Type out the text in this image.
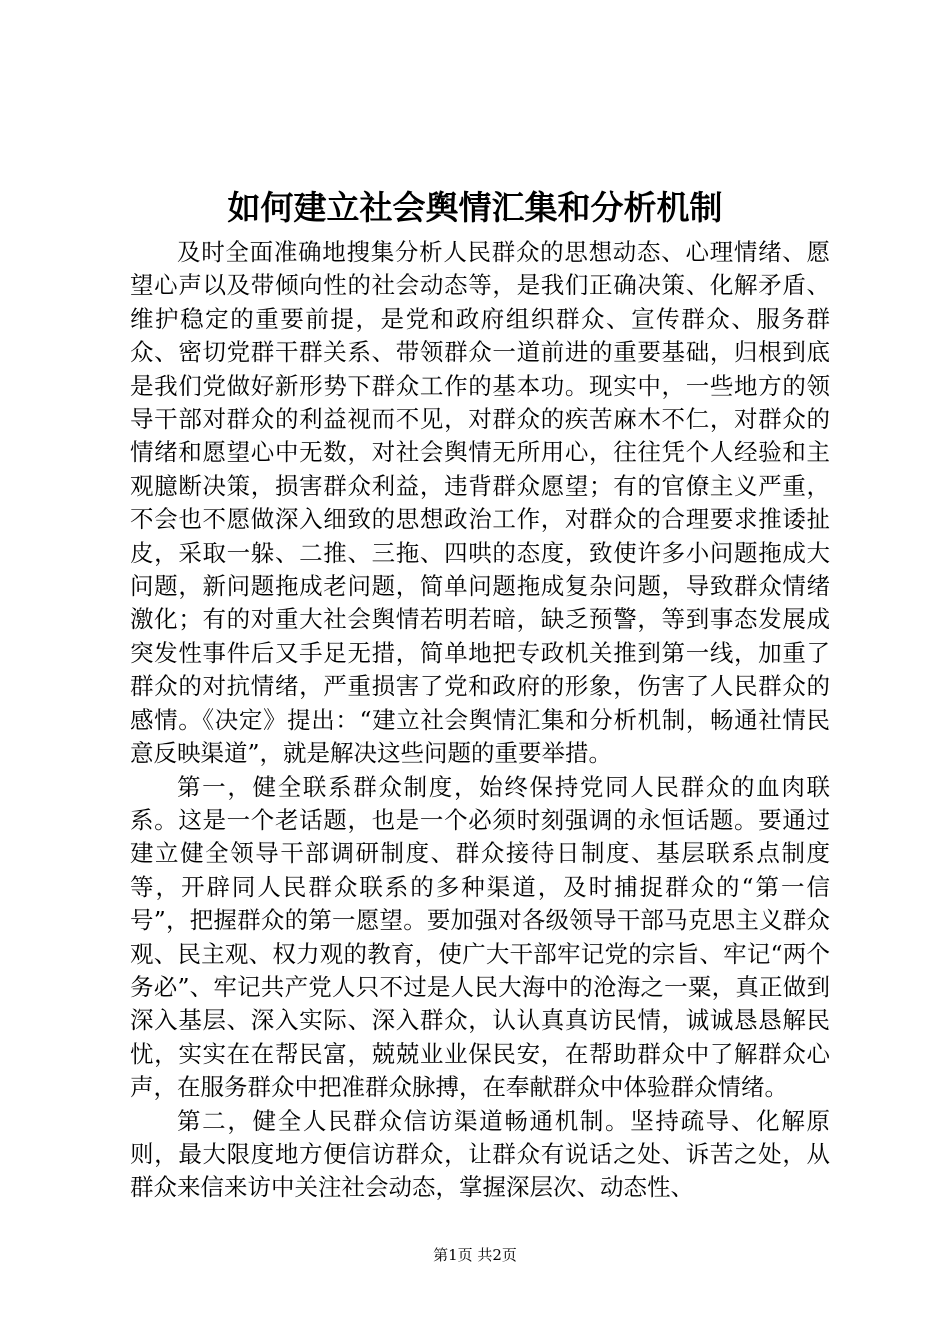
如何建立社会舆情汇集和分析机制

及时全面准确地搜集分析人民群众的思想动态、心理情绪、愿望心声以及带倾向性的社会动态等，是我们正确决策、化解矛盾、维护稳定的重要前提，是党和政府组织群众、宣传群众、服务群众、密切党群干群关系、带领群众一道前进的重要基础，归根到底是我们党做好新形势下群众工作的基本功。现实中，一些地方的领导干部对群众的利益视而不见，对群众的疾苦麻木不仁，对群众的情绪和愿望心中无数，对社会舆情无所用心，往往凭个人经验和主观臆断决策，损害群众利益，违背群众愿望；有的官僚主义严重，不会也不愿做深入细致的思想政治工作，对群众的合理要求推诿扯皮，采取一躲、二推、三拖、四哄的态度，致使许多小问题拖成大问题，新问题拖成老问题，简单问题拖成复杂问题，导致群众情绪激化；有的对重大社会舆情若明若暗，缺乏预警，等到事态发展成突发性事件后又手足无措，简单地把专政机关推到第一线，加重了群众的对抗情绪，严重损害了党和政府的形象，伤害了人民群众的感情。《决定》提出：“建立社会舆情汇集和分析机制，畅通社情民意反映渠道”，就是解决这些问题的重要举措。

第一，健全联系群众制度，始终保持党同人民群众的血肉联系。这是一个老话题，也是一个必须时刻强调的永恒话题。要通过建立健全领导干部调研制度、群众接待日制度、基层联系点制度等，开辟同人民群众联系的多种渠道，及时捕捉群众的“第一信号”，把握群众的第一愿望。要加强对各级领导干部马克思主义群众观、民主观、权力观的教育，使广大干部牢记党的宗旨、牢记“两个务必”、牢记共产党人只不过是人民大海中的沧海之一粟，真正做到深入基层、深入实际、深入群众，认认真真访民情，诚诚恳恳解民忧，实实在在帮民富，兢兢业业保民安，在帮助群众中了解群众心声，在服务群众中把准群众脉搏，在奉献群众中体验群众情绪。

第二，健全人民群众信访渠道畅通机制。坚持疏导、化解原则，最大限度地方便信访群众，让群众有说话之处、诉苦之处，从群众来信来访中关注社会动态，掌握深层次、动态性、

第1页 共2页
